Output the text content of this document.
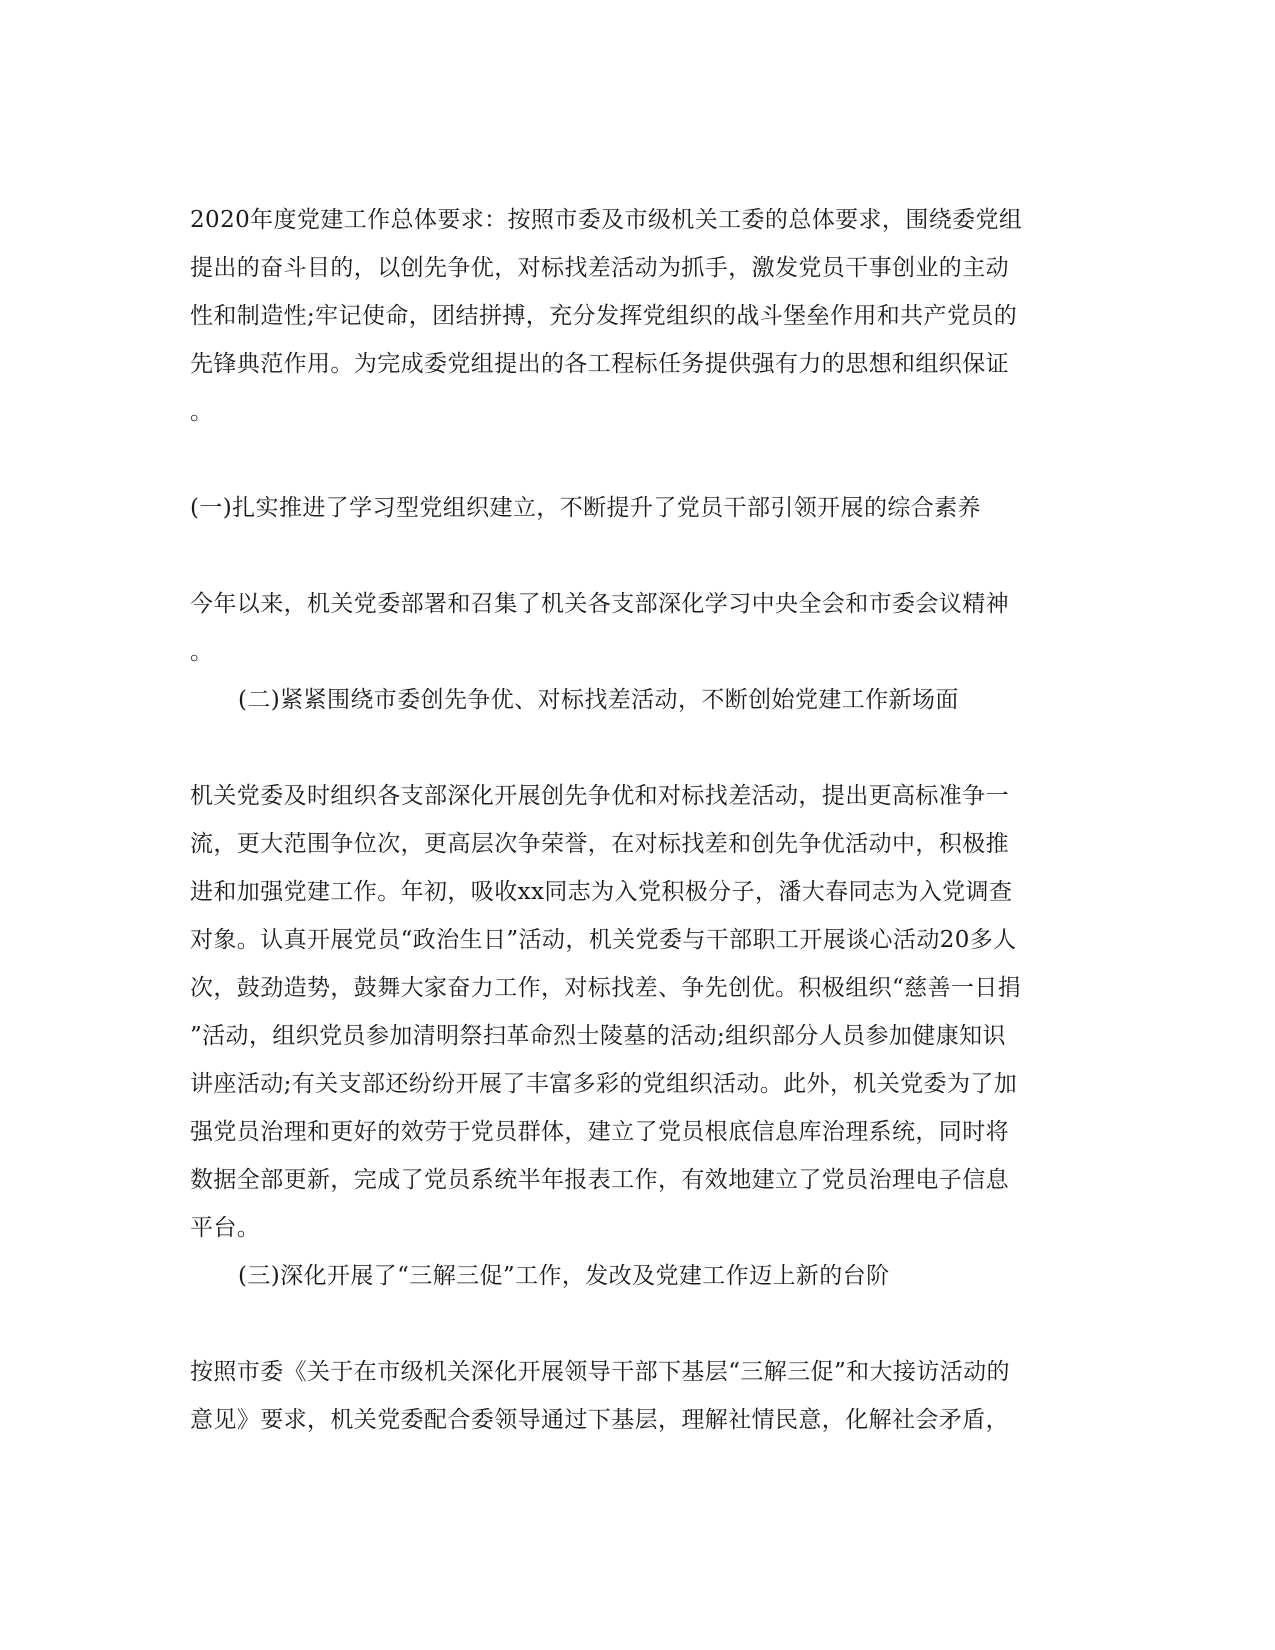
2020年度党建工作总体要求：按照市委及市级机关工委的总体要求，围绕委党组
提出的奋斗目的，以创先争优，对标找差活动为抓手，激发党员干事创业的主动
性和制造性;牢记使命，团结拼搏，充分发挥党组织的战斗堡垒作用和共产党员的
先锋典范作用。为完成委党组提出的各工程标任务提供强有力的思想和组织保证
。
(一)扎实推进了学习型党组织建立，不断提升了党员干部引领开展的综合素养
今年以来，机关党委部署和召集了机关各支部深化学习中央全会和市委会议精神
。
(二)紧紧围绕市委创先争优、对标找差活动，不断创始党建工作新场面
机关党委及时组织各支部深化开展创先争优和对标找差活动，提出更高标准争一
流，更大范围争位次，更高层次争荣誉，在对标找差和创先争优活动中，积极推
进和加强党建工作。年初，吸收xx同志为入党积极分子，潘大春同志为入党调查
对象。认真开展党员“政治生日”活动，机关党委与干部职工开展谈心活动20多人
次，鼓劲造势，鼓舞大家奋力工作，对标找差、争先创优。积极组织“慈善一日捐
”活动，组织党员参加清明祭扫革命烈士陵墓的活动;组织部分人员参加健康知识
讲座活动;有关支部还纷纷开展了丰富多彩的党组织活动。此外，机关党委为了加
强党员治理和更好的效劳于党员群体，建立了党员根底信息库治理系统，同时将
数据全部更新，完成了党员系统半年报表工作，有效地建立了党员治理电子信息
平台。
(三)深化开展了“三解三促”工作，发改及党建工作迈上新的台阶
按照市委《关于在市级机关深化开展领导干部下基层“三解三促”和大接访活动的
意见》要求，机关党委配合委领导通过下基层，理解社情民意，化解社会矛盾，
